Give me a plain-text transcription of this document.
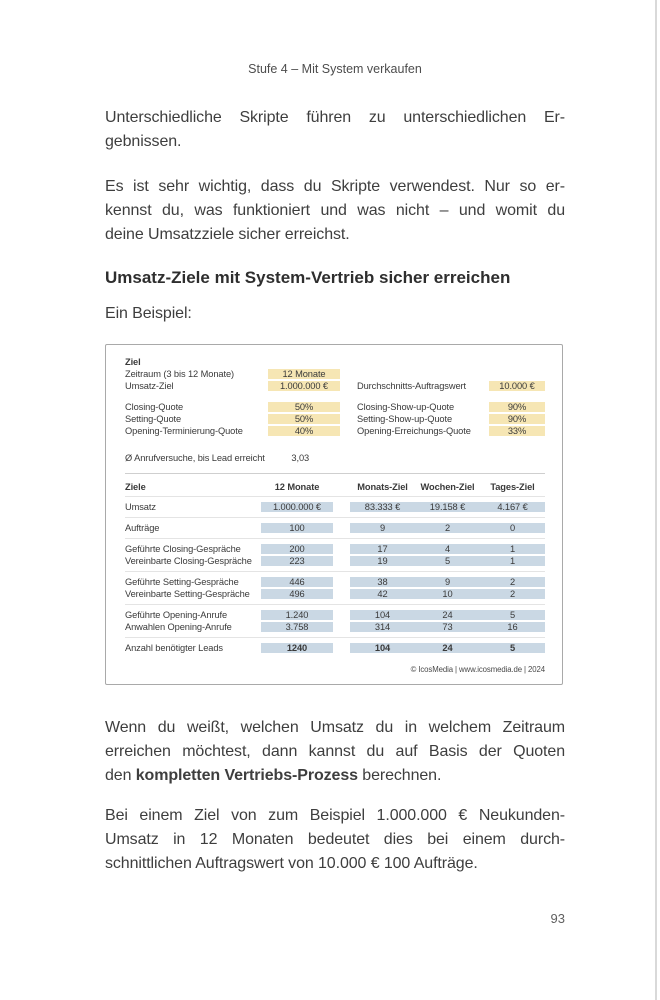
Stufe 4 – Mit System verkaufen
Unterschiedliche Skripte führen zu unterschiedlichen Er-
gebnissen.
Es ist sehr wichtig, dass du Skripte verwendest. Nur so er-
kennst du, was funktioniert und was nicht – und womit du
deine Umsatzziele sicher erreichst.
Umsatz-Ziele mit System-Vertrieb sicher erreichen
Ein Beispiel:
Ziel
Zeitraum (3 bis 12 Monate)	12 Monate
Umsatz-Ziel	1.000.000 €	Durchschnitts-Auftragswert	10.000 €
Closing-Quote	50%	Closing-Show-up-Quote	90%
Setting-Quote	50%	Setting-Show-up-Quote	90%
Opening-Terminierung-Quote	40%	Opening-Erreichungs-Quote	33%
Ø Anrufversuche, bis Lead erreicht	3,03
Ziele	12 Monate	Monats-Ziel	Wochen-Ziel	Tages-Ziel
Umsatz	1.000.000 €	83.333 €	19.158 €	4.167 €
Aufträge	100	9	2	0
Geführte Closing-Gespräche	200	17	4	1
Vereinbarte Closing-Gespräche	223	19	5	1
Geführte Setting-Gespräche	446	38	9	2
Vereinbarte Setting-Gespräche	496	42	10	2
Geführte Opening-Anrufe	1.240	104	24	5
Anwahlen Opening-Anrufe	3.758	314	73	16
Anzahl benötigter Leads	1240	104	24	5
© IcosMedia | www.icosmedia.de | 2024
Wenn du weißt, welchen Umsatz du in welchem Zeitraum
erreichen möchtest, dann kannst du auf Basis der Quoten
den kompletten Vertriebs-Prozess berechnen.
Bei einem Ziel von zum Beispiel 1.000.000 € Neukunden-
Umsatz in 12 Monaten bedeutet dies bei einem durch-
schnittlichen Auftragswert von 10.000 € 100 Aufträge.
93
